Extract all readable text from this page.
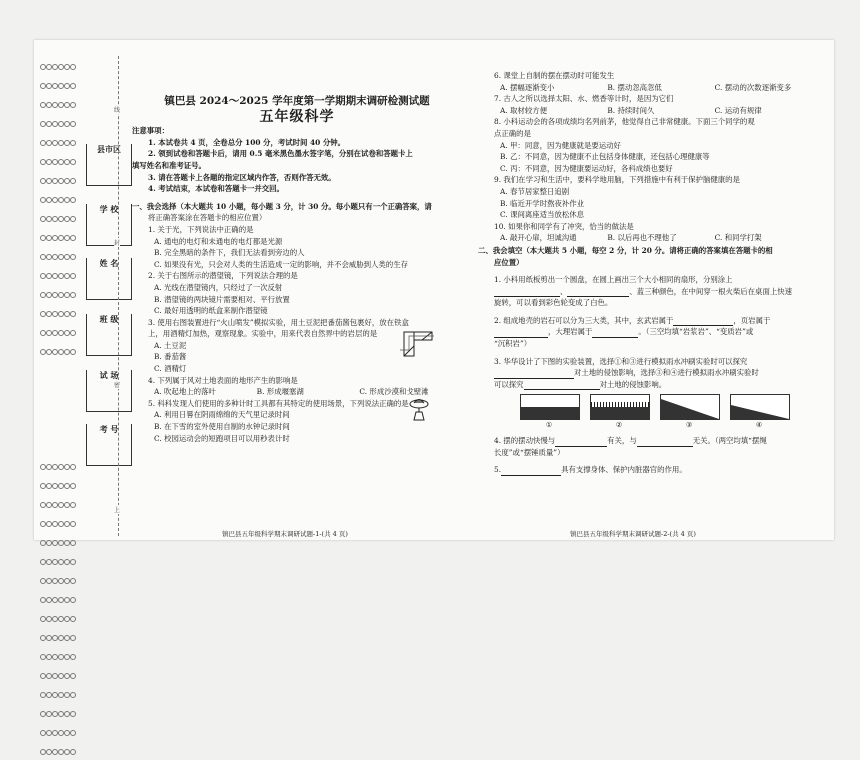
县市区
学 校
姓 名
班 级
试 场
考 号
线
封
密
上

镇巴县 2024～2025 学年度第一学期期末调研检测试题

五年级科学

注意事项：

1. 本试卷共 4 页，全卷总分 100 分，考试时间 40 分钟。

2. 领到试卷和答题卡后，请用 0.5 毫米黑色墨水签字笔，分别在试卷和答题卡上

填写姓名和准考证号。

3. 请在答题卡上各题的指定区域内作答，否则作答无效。

4. 考试结束，本试卷和答题卡一并交回。

一、我会选择（本大题共 10 小题，每小题 3 分，计 30 分。每小题只有一个正确答案，请

将正确答案涂在答题卡的相应位置）

1. 关于光，下列说法中正确的是

A. 通电的电灯和未通电的电灯都是光源

B. 完全黑暗的条件下，我们无法看到旁边的人

C. 如果没有光，只会对人类的生活造成一定的影响，并不会威胁到人类的生存

2. 关于右图所示的潜望镜，下列说法合理的是

A. 光线在潜望镜内，只经过了一次反射

B. 潜望镜的两块镜片需要相对、平行放置

C. 最好用透明的纸盒来制作潜望镜

3. 使用右图装置进行“火山喷发”模拟实验，用土豆泥把番茄酱包裹好，放在铁盒

上，用酒精灯加热，观察现象。实验中，用来代表自然界中的岩层的是

A. 土豆泥

B. 番茄酱

C. 酒精灯

4. 下列属于风对土地表面的地形产生的影响是

A. 吹起地上的落叶	B. 形成堰塞湖	C. 形成沙漠和戈壁滩

5. 科科发现人们使用的多种计时工具都有其特定的使用场景，下列说法正确的是

A. 利用日晷在阴雨绵绵的天气里记录时间

B. 在下雪的室外使用自制的水钟记录时间

C. 校园运动会的短跑项目可以用秒表计时

镇巴县五年级科学期末调研试题-1-(共 4 页)

6. 课堂上自制的摆在摆动时可能发生

A. 摆幅逐渐变小	B. 摆动忽高忽低	C. 摆动的次数逐渐变多

7. 古人之所以选择太阳、水、燃香等计时，是因为它们

A. 取材较方便	B. 持续时间久	C. 运动有规律

8. 小科运动会的各项成绩均名列前茅，他觉得自己非常健康。下面三个同学的观

点正确的是

A. 甲：同意，因为健康就是要运动好

B. 乙：不同意，因为健康不止包括身体健康，还包括心理健康等

C. 丙：不同意，因为健康要运动好，各科成绩也要好

9. 我们在学习和生活中，要科学地用脑，下列措施中有利于保护脑健康的是

A. 春节居家整日追剧

B. 临近开学时熬夜补作业

C. 课间离座适当放松休息

10. 如果你和同学有了冲突，恰当的做法是

A. 敲开心扉，坦诚沟通	B. 以后再也不理他了	C. 和同学打架

二、我会填空（本大题共 5 小题，每空 2 分，计 20 分。请将正确的答案填在答题卡的相

应位置）

1. 小科用纸板剪出一个圆盘，在圆上画出三个大小相同的扇形，分别涂上

、	、蓝三种颜色，在中间穿一根火柴后在桌面上快速

旋转，可以看到彩色轮变成了白色。

2. 组成地壳的岩石可以分为三大类，其中，玄武岩属于	，页岩属于

，大理岩属于	。（三空均填“岩浆岩”、“变质岩”或

“沉积岩”）

3. 华华设计了下图的实验装置，选择①和③进行模拟雨水冲刷实验时可以探究

对土地的侵蚀影响，选择③和④进行模拟雨水冲刷实验时

可以探究	对土地的侵蚀影响。

①	②	③	④

4. 摆的摆动快慢与	有关，与	无关。（两空均填“摆绳

长度”或“摆锤质量”）

5.	具有支撑身体、保护内脏器官的作用。

镇巴县五年级科学期末调研试题-2-(共 4 页)
